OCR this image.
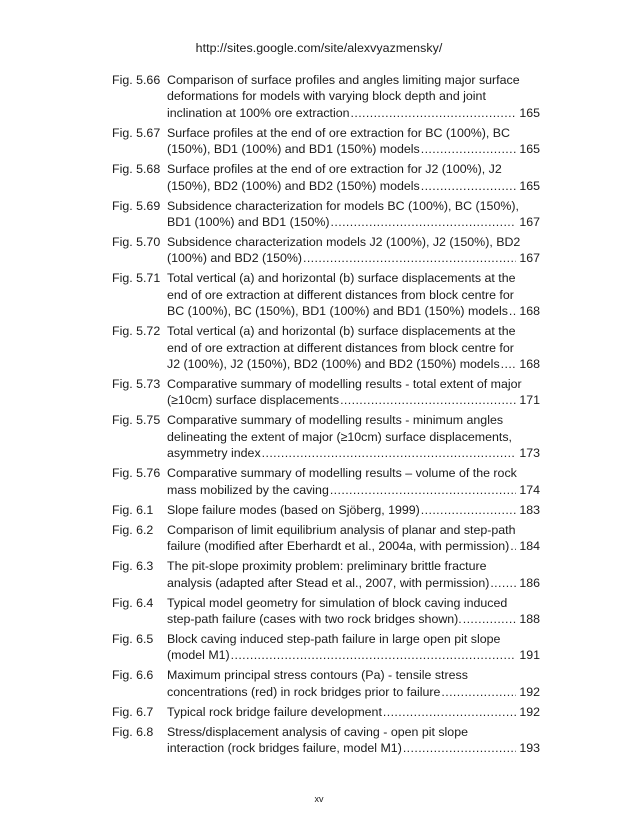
http://sites.google.com/site/alexvyazmensky/
Fig. 5.66 Comparison of surface profiles and angles limiting major surface
deformations for models with varying block depth and joint
inclination at 100% ore extraction .....	165
Fig. 5.67 Surface profiles at the end of ore extraction for BC (100%), BC
(150%), BD1 (100%) and BD1 (150%) models .....	165
Fig. 5.68 Surface profiles at the end of ore extraction for J2 (100%), J2
(150%), BD2 (100%) and BD2 (150%) models .....	165
Fig. 5.69 Subsidence characterization for models BC (100%), BC (150%),
BD1 (100%) and BD1 (150%) .....	167
Fig. 5.70 Subsidence characterization models J2 (100%), J2 (150%), BD2
(100%) and BD2 (150%) .....	167
Fig. 5.71 Total vertical (a) and horizontal (b) surface displacements at the
end of ore extraction at different distances from block centre for
BC (100%), BC (150%), BD1 (100%) and BD1 (150%) models ..... 168
Fig. 5.72 Total vertical (a) and horizontal (b) surface displacements at the
end of ore extraction at different distances from block centre for
J2 (100%), J2 (150%), BD2 (100%) and BD2 (150%) models ..... 168
Fig. 5.73 Comparative summary of modelling results - total extent of major
(≥10cm) surface displacements .....	171
Fig. 5.75 Comparative summary of modelling results - minimum angles
delineating the extent of major (≥10cm) surface displacements,
asymmetry index .....	173
Fig. 5.76 Comparative summary of modelling results – volume of the rock
mass mobilized by the caving .....	174
Fig. 6.1	Slope failure modes (based on Sjöberg, 1999) .....	183
Fig. 6.2	Comparison of limit equilibrium analysis of planar and step-path
failure (modified after Eberhardt et al., 2004a, with permission) ..... 184
Fig. 6.3	The pit-slope proximity problem: preliminary brittle fracture
analysis (adapted after Stead et al., 2007, with permission) ..... 186
Fig. 6.4	Typical model geometry for simulation of block caving induced
step-path failure (cases with two rock bridges shown). .....	188
Fig. 6.5	Block caving induced step-path failure in large open pit slope
(model M1) .....	191
Fig. 6.6	Maximum principal stress contours (Pa) - tensile stress
concentrations (red) in rock bridges prior to failure .....	192
Fig. 6.7	Typical rock bridge failure development .....	192
Fig. 6.8	Stress/displacement analysis of caving - open pit slope
interaction (rock bridges failure, model M1) .....	193
xv
